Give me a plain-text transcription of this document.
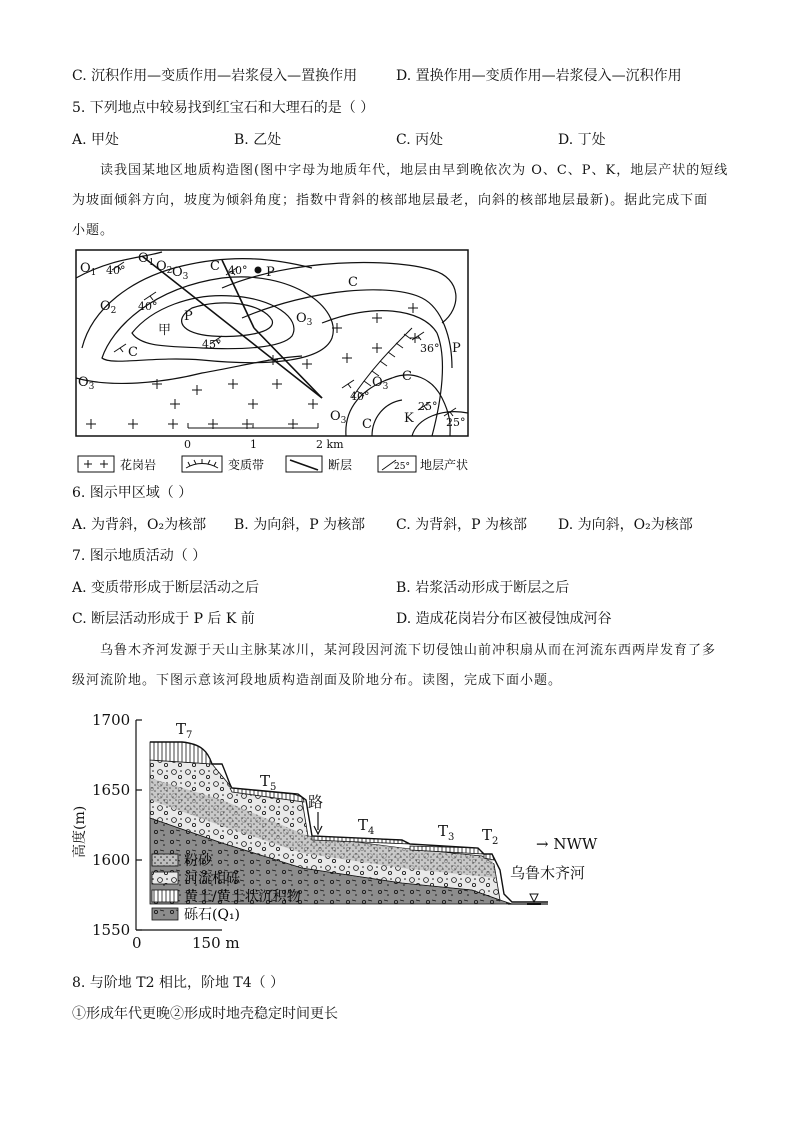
C. 沉积作用—变质作用—岩浆侵入—置换作用	D. 置换作用—变质作用—岩浆侵入—沉积作用
5. 下列地点中较易找到红宝石和大理石的是（ ）
A. 甲处	B. 乙处	C. 丙处	D. 丁处
读我国某地区地质构造图(图中字母为地质年代，地层由早到晚依次为 O、C、P、K，地层产状的短线
为坡面倾斜方向，坡度为倾斜角度；指数中背斜的核部地层最老，向斜的核部地层最新)。据此完成下面
小题。
$O_1$
$O_2$
$O_3$
$O_1$ $O_2$ $O_3$
$O_3$
$O_3$
$O_3$
C
C
C
C
C
P
P
P
K
甲
40°
40°
40°
40°
45°	36°
25°
25°
0	1	2 km
花岗岩	变质带	断层	25° 地层产状
6. 图示甲区域（ ）
A. 为背斜，O₂为核部 B. 为向斜，P 为核部 C. 为背斜，P 为核部 D. 为向斜，O₂为核部
7. 图示地质活动（ ）
A. 变质带形成于断层活动之后	B. 岩浆活动形成于断层之后
C. 断层活动形成于 P 后 K 前	D. 造成花岗岩分布区被侵蚀成河谷
乌鲁木齐河发源于天山主脉某冰川，某河段因河流下切侵蚀山前冲积扇从而在河流东西两岸发育了多
级河流阶地。下图示意该河段地质构造剖面及阶地分布。读图，完成下面小题。
1700
1650
1600
1550
0	150 m
高度(m)
$T_7$
$T_5$
$T_4$	$T_3$ $T_2$
路
→ NWW
乌鲁木齐河
粉砂
河流相砾
黄土/黄土状沉积物
砾石(Q₁)
8. 与阶地 T2 相比，阶地 T4（ ）
①形成年代更晚②形成时地壳稳定时间更长
